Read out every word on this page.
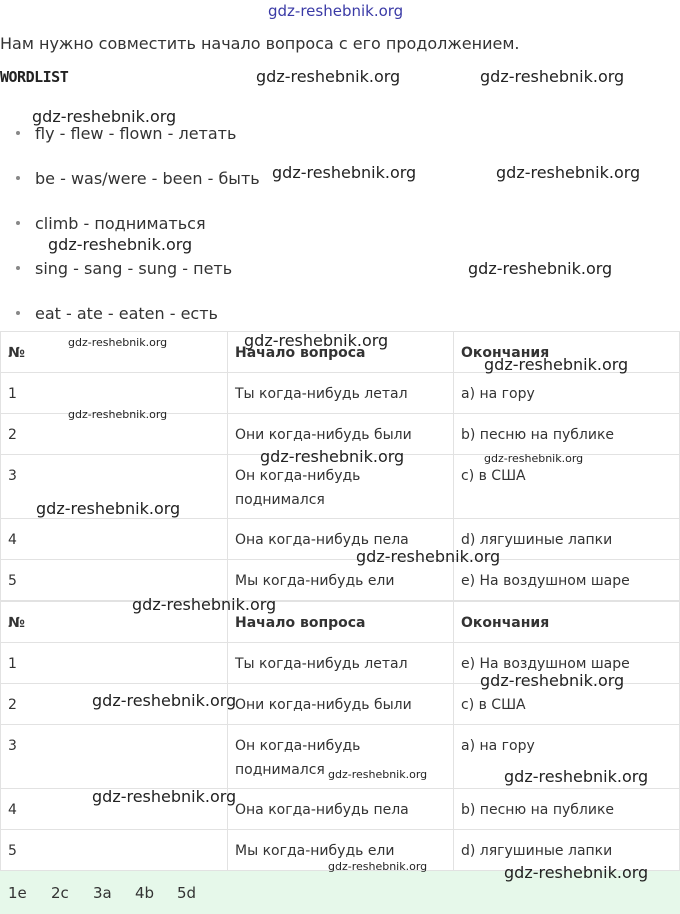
gdz-reshebnik.org
Нам нужно совместить начало вопроса с его продолжением.
WORDLIST
fly - flew - flown - летать
be - was/were - been - быть
climb - подниматься
sing - sang - sung - петь
eat - ate - eaten - есть
№	Начало вопроса	Окончания
1	Ты когда-нибудь летал	a) на гору
2	Они когда-нибудь были	b) песню на публике
3	Он когда-нибудь поднимался	c) в США
4	Она когда-нибудь пела	d) лягушиные лапки
5	Мы когда-нибудь ели	e) На воздушном шаре
№	Начало вопроса	Окончания
1	Ты когда-нибудь летал	e) На воздушном шаре
2	Они когда-нибудь были	c) в США
3	Он когда-нибудь поднимался	a) на гору
4	Она когда-нибудь пела	b) песню на публике
5	Мы когда-нибудь ели	d) лягушиные лапки
1e 2c 3a 4b 5d
gdz-reshebnik.org	gdz-reshebnik.org
gdz-reshebnik.org
gdz-reshebnik.org	gdz-reshebnik.org
gdz-reshebnik.org
gdz-reshebnik.org
gdz-reshebnik.org	gdz-reshebnik.org
gdz-reshebnik.org
gdz-reshebnik.org
gdz-reshebnik.org	gdz-reshebnik.org
gdz-reshebnik.org
gdz-reshebnik.org
gdz-reshebnik.org
gdz-reshebnik.org
gdz-reshebnik.org
gdz-reshebnik.org	gdz-reshebnik.org
gdz-reshebnik.org
gdz-reshebnik.org	gdz-reshebnik.org
